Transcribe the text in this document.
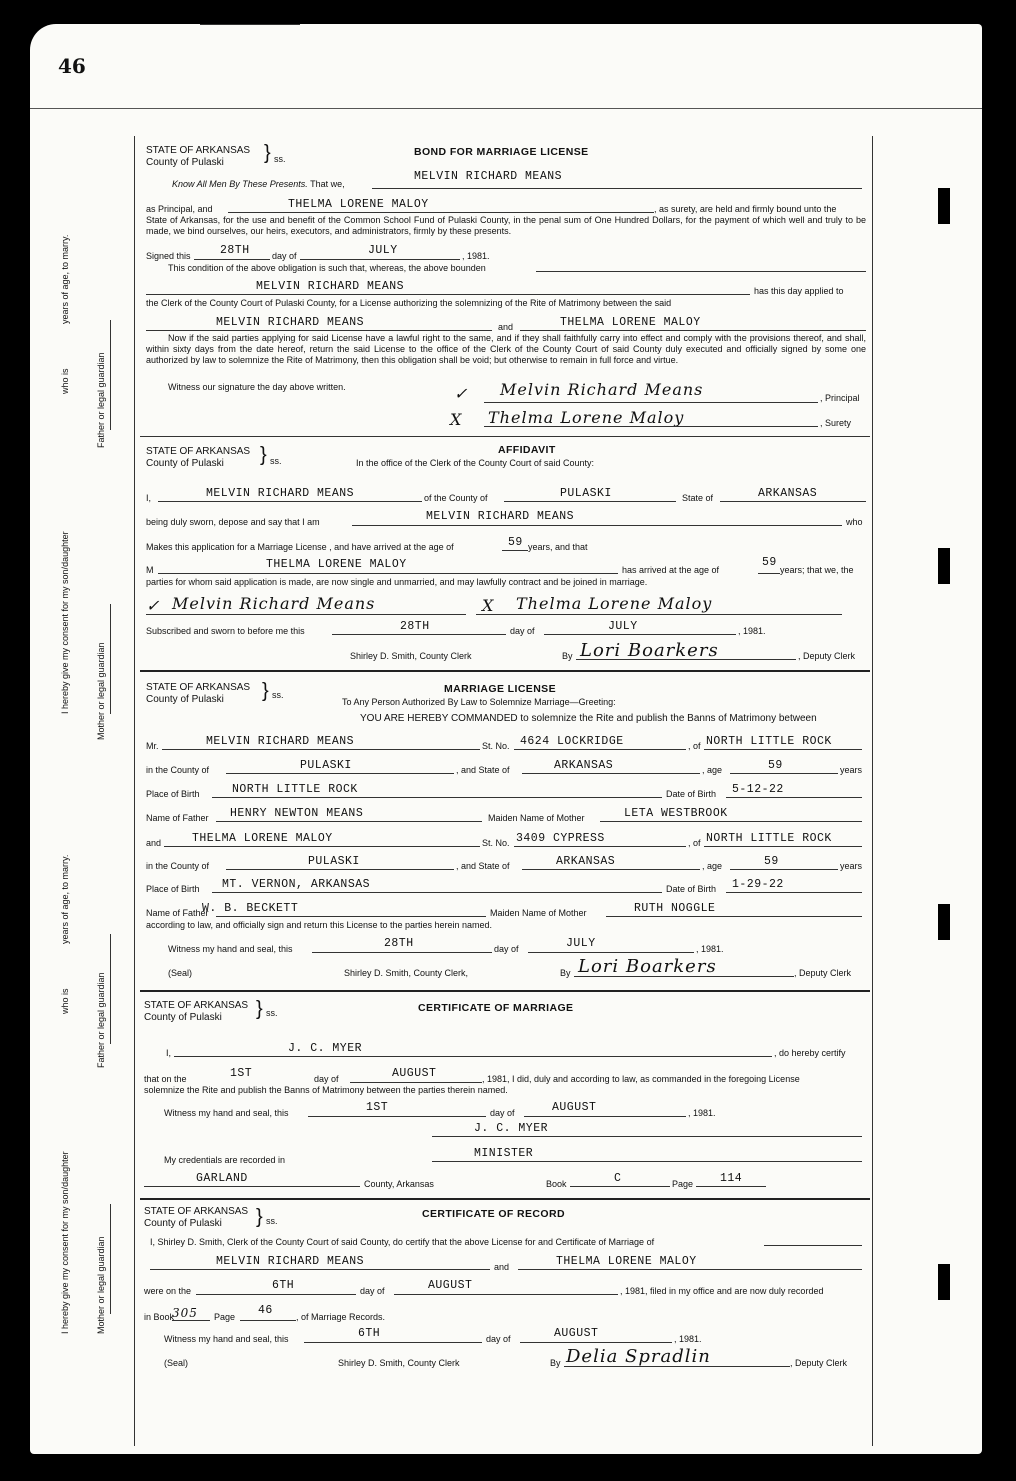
46
I hereby give my consent for my son/daughter
who is
years of age, to marry.
Father or legal guardian
Mother or legal guardian
I hereby give my consent for my son/daughter
who is
years of age, to marry.
Father or legal guardian
Mother or legal guardian
STATE OF ARKANSAS
County of Pulaski } ss.
BOND FOR MARRIAGE LICENSE
Know All Men By These Presents. That we,
MELVIN RICHARD MEANS
as Principal, and	THELMA LORENE MALOY	, as surety, are held and firmly bound unto the
State of Arkansas, for the use and benefit of the Common School Fund of Pulaski County, in the penal sum of One Hundred Dollars, for the payment of which well and truly to be made, we bind ourselves, our heirs, executors, and administrators, firmly by these presents.
Signed this	28TH day of	JULY	, 1981.
This condition of the above obligation is such that, whereas, the above bounden
MELVIN RICHARD MEANS	has this day applied to
the Clerk of the County Court of Pulaski County, for a License authorizing the solemnizing of the Rite of Matrimony between the said
MELVIN RICHARD MEANS	and	THELMA LORENE MALOY
Now if the said parties applying for said License have a lawful right to the same, and if they shall faithfully carry into effect and comply with the provisions thereof, and shall, within sixty days from the date hereof, return the said License to the office of the Clerk of the County Court of said County duly executed and officially signed by some one authorized by law to solemnize the Rite of Matrimony, then this obligation shall be void; but otherwise to remain in full force and virtue.
Witness our signature the day above written.	✓ Melvin Richard Means	, Principal
X Thelma Lorene Maloy	, Surety
STATE OF ARKANSAS
County of Pulaski } ss.
AFFIDAVIT
In the office of the Clerk of the County Court of said County:
I,	MELVIN RICHARD MEANS	of the County of	PULASKI	State of	ARKANSAS
being duly sworn, depose and say that I am	MELVIN RICHARD MEANS	who
Makes this application for a Marriage License , and have arrived at the age of	59 years, and that
M	THELMA LORENE MALOY	has arrived at the age of
59
years; that we, the
parties for whom said application is made, are now single and unmarried, and may lawfully contract and be joined in marriage.
✓ Melvin Richard Means	X Thelma Lorene Maloy
Subscribed and sworn to before me this	28TH	day of	JULY	, 1981.
Shirley D. Smith, County Clerk	By Lori Boarkers	, Deputy Clerk
STATE OF ARKANSAS
County of Pulaski } ss.	MARRIAGE LICENSE
To Any Person Authorized By Law to Solemnize Marriage—Greeting:
YOU ARE HEREBY COMMANDED to solemnize the Rite and publish the Banns of Matrimony between
Mr.	MELVIN RICHARD MEANS	St. No. 4624 LOCKRIDGE	, of NORTH LITTLE ROCK
in the County of	PULASKI	, and State of	ARKANSAS	, age	59	years
Place of Birth	NORTH LITTLE ROCK	Date of Birth 5-12-22
Name of Father HENRY NEWTON MEANS	Maiden Name of Mother	LETA WESTBROOK
and	THELMA LORENE MALOY	St. No. 3409 CYPRESS	, of NORTH LITTLE ROCK
in the County of	PULASKI	, and State of	ARKANSAS	, age	59	years
Place of Birth MT. VERNON, ARKANSAS	Date of Birth 1-29-22
Name of Father
W. B. BECKETT	Maiden Name of Mother	RUTH NOGGLE
according to law, and officially sign and return this License to the parties herein named.
Witness my hand and seal, this	28TH	day of	JULY	, 1981.
(Seal)	Shirley D. Smith, County Clerk,	By Lori Boarkers	, Deputy Clerk
STATE OF ARKANSAS
County of Pulaski } ss.	CERTIFICATE OF MARRIAGE
I,	J. C. MYER	, do hereby certify
that on the	1ST	day of	AUGUST	, 1981, I did, duly and according to law, as commanded in the foregoing License
solemnize the Rite and publish the Banns of Matrimony between the parties therein named.
Witness my hand and seal, this	1ST	day of	AUGUST	, 1981.
J. C. MYER
My credentials are recorded in	MINISTER
GARLAND	County, Arkansas	Book	C	Page 114
STATE OF ARKANSAS
County of Pulaski } ss.
CERTIFICATE OF RECORD
I, Shirley D. Smith, Clerk of the County Court of said County, do certify that the above License for and Certificate of Marriage of
MELVIN RICHARD MEANS	and	THELMA LORENE MALOY
were on the	6TH	day of	AUGUST	, 1981, filed in my office and are now duly recorded
in Book
305 Page 46	, of Marriage Records.
Witness my hand and seal, this	6TH	day of	AUGUST	, 1981.
(Seal)	Shirley D. Smith, County Clerk	By Delia Spradlin	, Deputy Clerk
